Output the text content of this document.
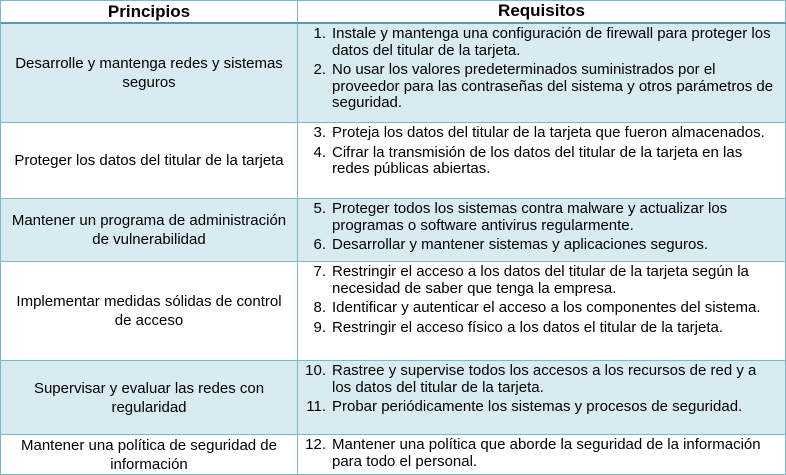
Principios	Requisitos
Desarrolle y mantenga redes y sistemas seguros
1. Instale y mantenga una configuración de firewall para proteger los datos del titular de la tarjeta.
2. No usar los valores predeterminados suministrados por el proveedor para las contraseñas del sistema y otros parámetros de seguridad.
Proteger los datos del titular de la tarjeta
3. Proteja los datos del titular de la tarjeta que fueron almacenados.
4. Cifrar la transmisión de los datos del titular de la tarjeta en las redes públicas abiertas.
Mantener un programa de administración de vulnerabilidad
5. Proteger todos los sistemas contra malware y actualizar los programas o software antivirus regularmente.
6. Desarrollar y mantener sistemas y aplicaciones seguros.
Implementar medidas sólidas de control de acceso
7. Restringir el acceso a los datos del titular de la tarjeta según la necesidad de saber que tenga la empresa.
8. Identificar y autenticar el acceso a los componentes del sistema.
9. Restringir el acceso físico a los datos el titular de la tarjeta.
Supervisar y evaluar las redes con regularidad
10. Rastree y supervise todos los accesos a los recursos de red y a los datos del titular de la tarjeta.
11. Probar periódicamente los sistemas y procesos de seguridad.
Mantener una política de seguridad de información
12. Mantener una política que aborde la seguridad de la información para todo el personal.
